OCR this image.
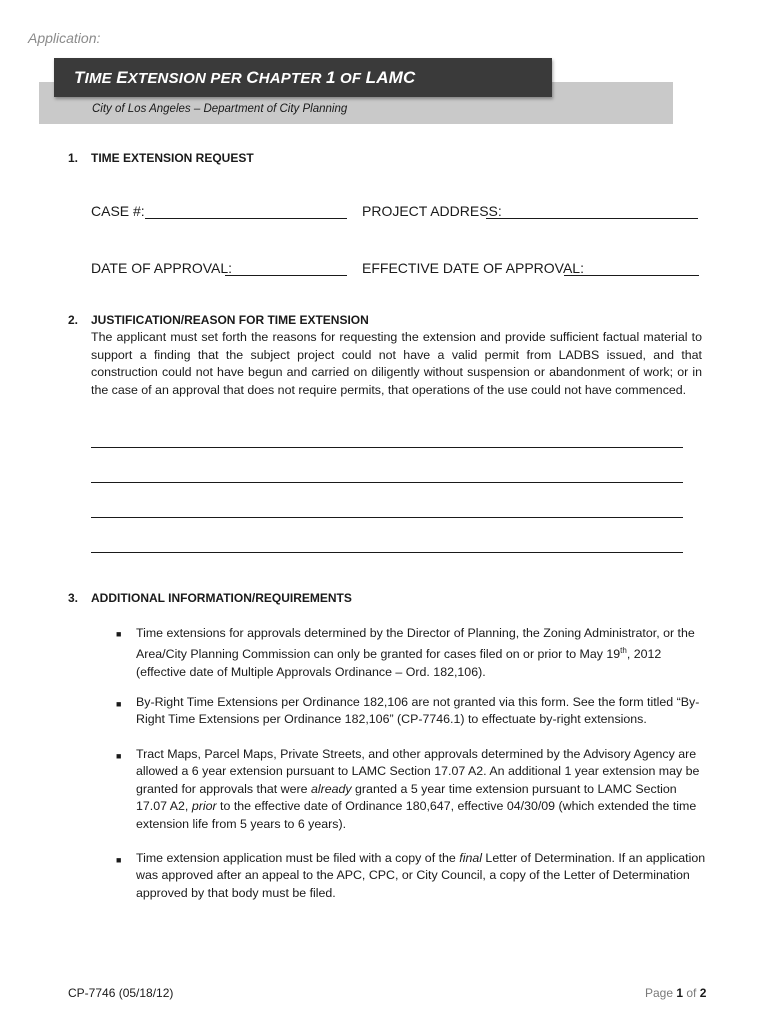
Application:
TIME EXTENSION PER CHAPTER 1 OF LAMC
City of Los Angeles – Department of City Planning
1. TIME EXTENSION REQUEST
CASE #:	PROJECT ADDRESS:
DATE OF APPROVAL:	EFFECTIVE DATE OF APPROVAL:
2. JUSTIFICATION/REASON FOR TIME EXTENSION
The applicant must set forth the reasons for requesting the extension and provide sufficient factual material to support a finding that the subject project could not have a valid permit from LADBS issued, and that construction could not have begun and carried on diligently without suspension or abandonment of work; or in the case of an approval that does not require permits, that operations of the use could not have commenced.
3. ADDITIONAL INFORMATION/REQUIREMENTS
■ Time extensions for approvals determined by the Director of Planning, the Zoning Administrator, or the Area/City Planning Commission can only be granted for cases filed on or prior to May 19th, 2012 (effective date of Multiple Approvals Ordinance – Ord. 182,106).
■ By-Right Time Extensions per Ordinance 182,106 are not granted via this form. See the form titled “By-Right Time Extensions per Ordinance 182,106” (CP-7746.1) to effectuate by-right extensions.
■ Tract Maps, Parcel Maps, Private Streets, and other approvals determined by the Advisory Agency are allowed a 6 year extension pursuant to LAMC Section 17.07 A2. An additional 1 year extension may be granted for approvals that were already granted a 5 year time extension pursuant to LAMC Section 17.07 A2, prior to the effective date of Ordinance 180,647, effective 04/30/09 (which extended the time extension life from 5 years to 6 years).
■ Time extension application must be filed with a copy of the final Letter of Determination. If an application was approved after an appeal to the APC, CPC, or City Council, a copy of the Letter of Determination approved by that body must be filed.
CP-7746 (05/18/12)	Page 1 of 2
